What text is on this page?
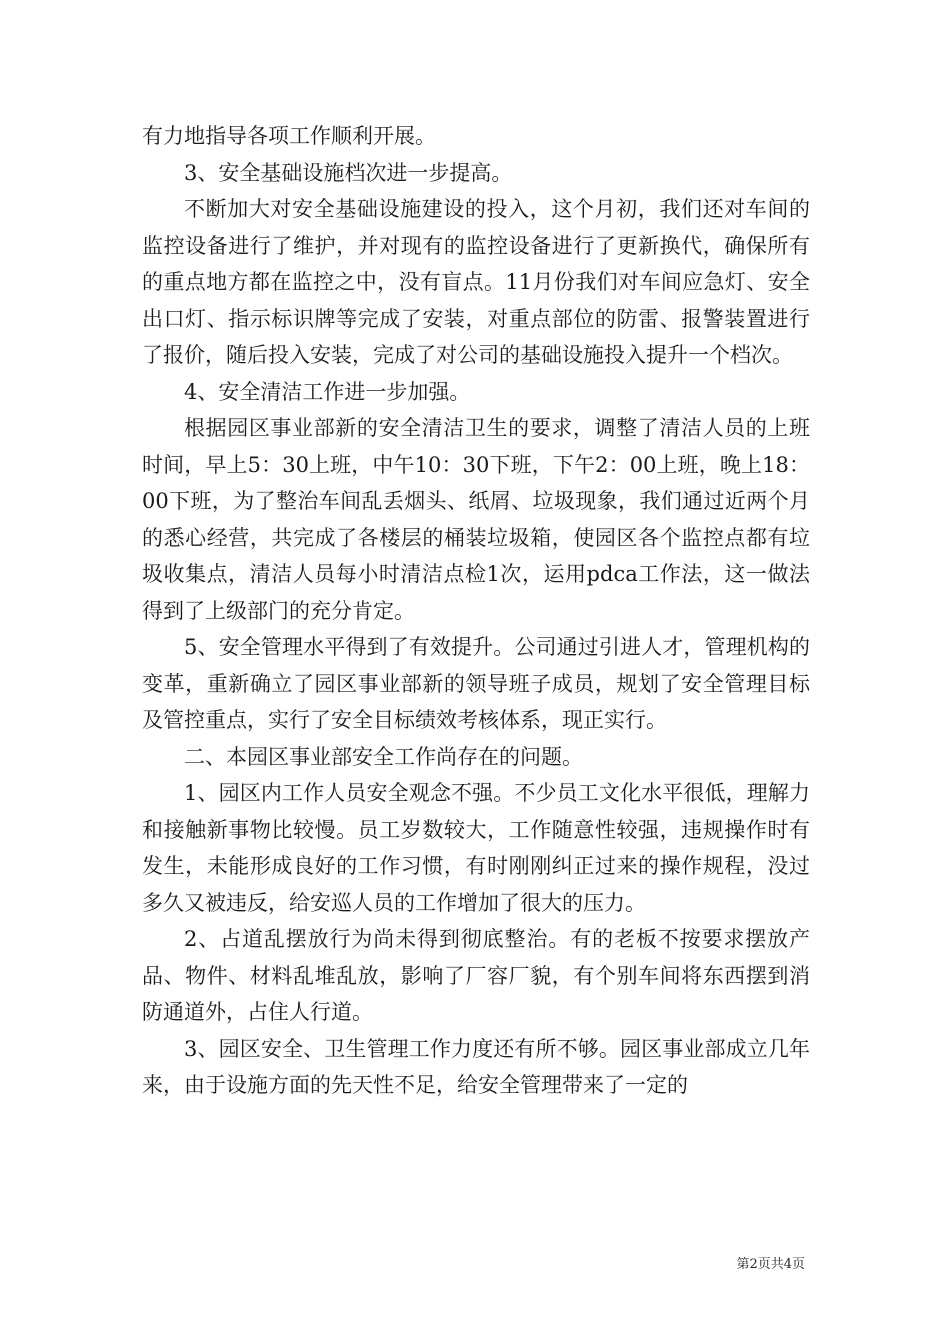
有力地指导各项工作顺利开展。

3、安全基础设施档次进一步提高。

不断加大对安全基础设施建设的投入，这个月初，我们还对车间的监控设备进行了维护，并对现有的监控设备进行了更新换代，确保所有的重点地方都在监控之中，没有盲点。11月份我们对车间应急灯、安全出口灯、指示标识牌等完成了安装，对重点部位的防雷、报警装置进行了报价，随后投入安装，完成了对公司的基础设施投入提升一个档次。

4、安全清洁工作进一步加强。

根据园区事业部新的安全清洁卫生的要求，调整了清洁人员的上班时间，早上5：30上班，中午10：30下班，下午2：00上班，晚上18：00下班，为了整治车间乱丢烟头、纸屑、垃圾现象，我们通过近两个月的悉心经营，共完成了各楼层的桶装垃圾箱，使园区各个监控点都有垃圾收集点，清洁人员每小时清洁点检1次，运用pdca工作法，这一做法得到了上级部门的充分肯定。

5、安全管理水平得到了有效提升。公司通过引进人才，管理机构的变革，重新确立了园区事业部新的领导班子成员，规划了安全管理目标及管控重点，实行了安全目标绩效考核体系，现正实行。

二、本园区事业部安全工作尚存在的问题。

1、园区内工作人员安全观念不强。不少员工文化水平很低，理解力和接触新事物比较慢。员工岁数较大，工作随意性较强，违规操作时有发生，未能形成良好的工作习惯，有时刚刚纠正过来的操作规程，没过多久又被违反，给安巡人员的工作增加了很大的压力。

2、占道乱摆放行为尚未得到彻底整治。有的老板不按要求摆放产品、物件、材料乱堆乱放，影响了厂容厂貌，有个别车间将东西摆到消防通道外，占住人行道。

3、园区安全、卫生管理工作力度还有所不够。园区事业部成立几年来，由于设施方面的先天性不足，给安全管理带来了一定的

第2页共4页
